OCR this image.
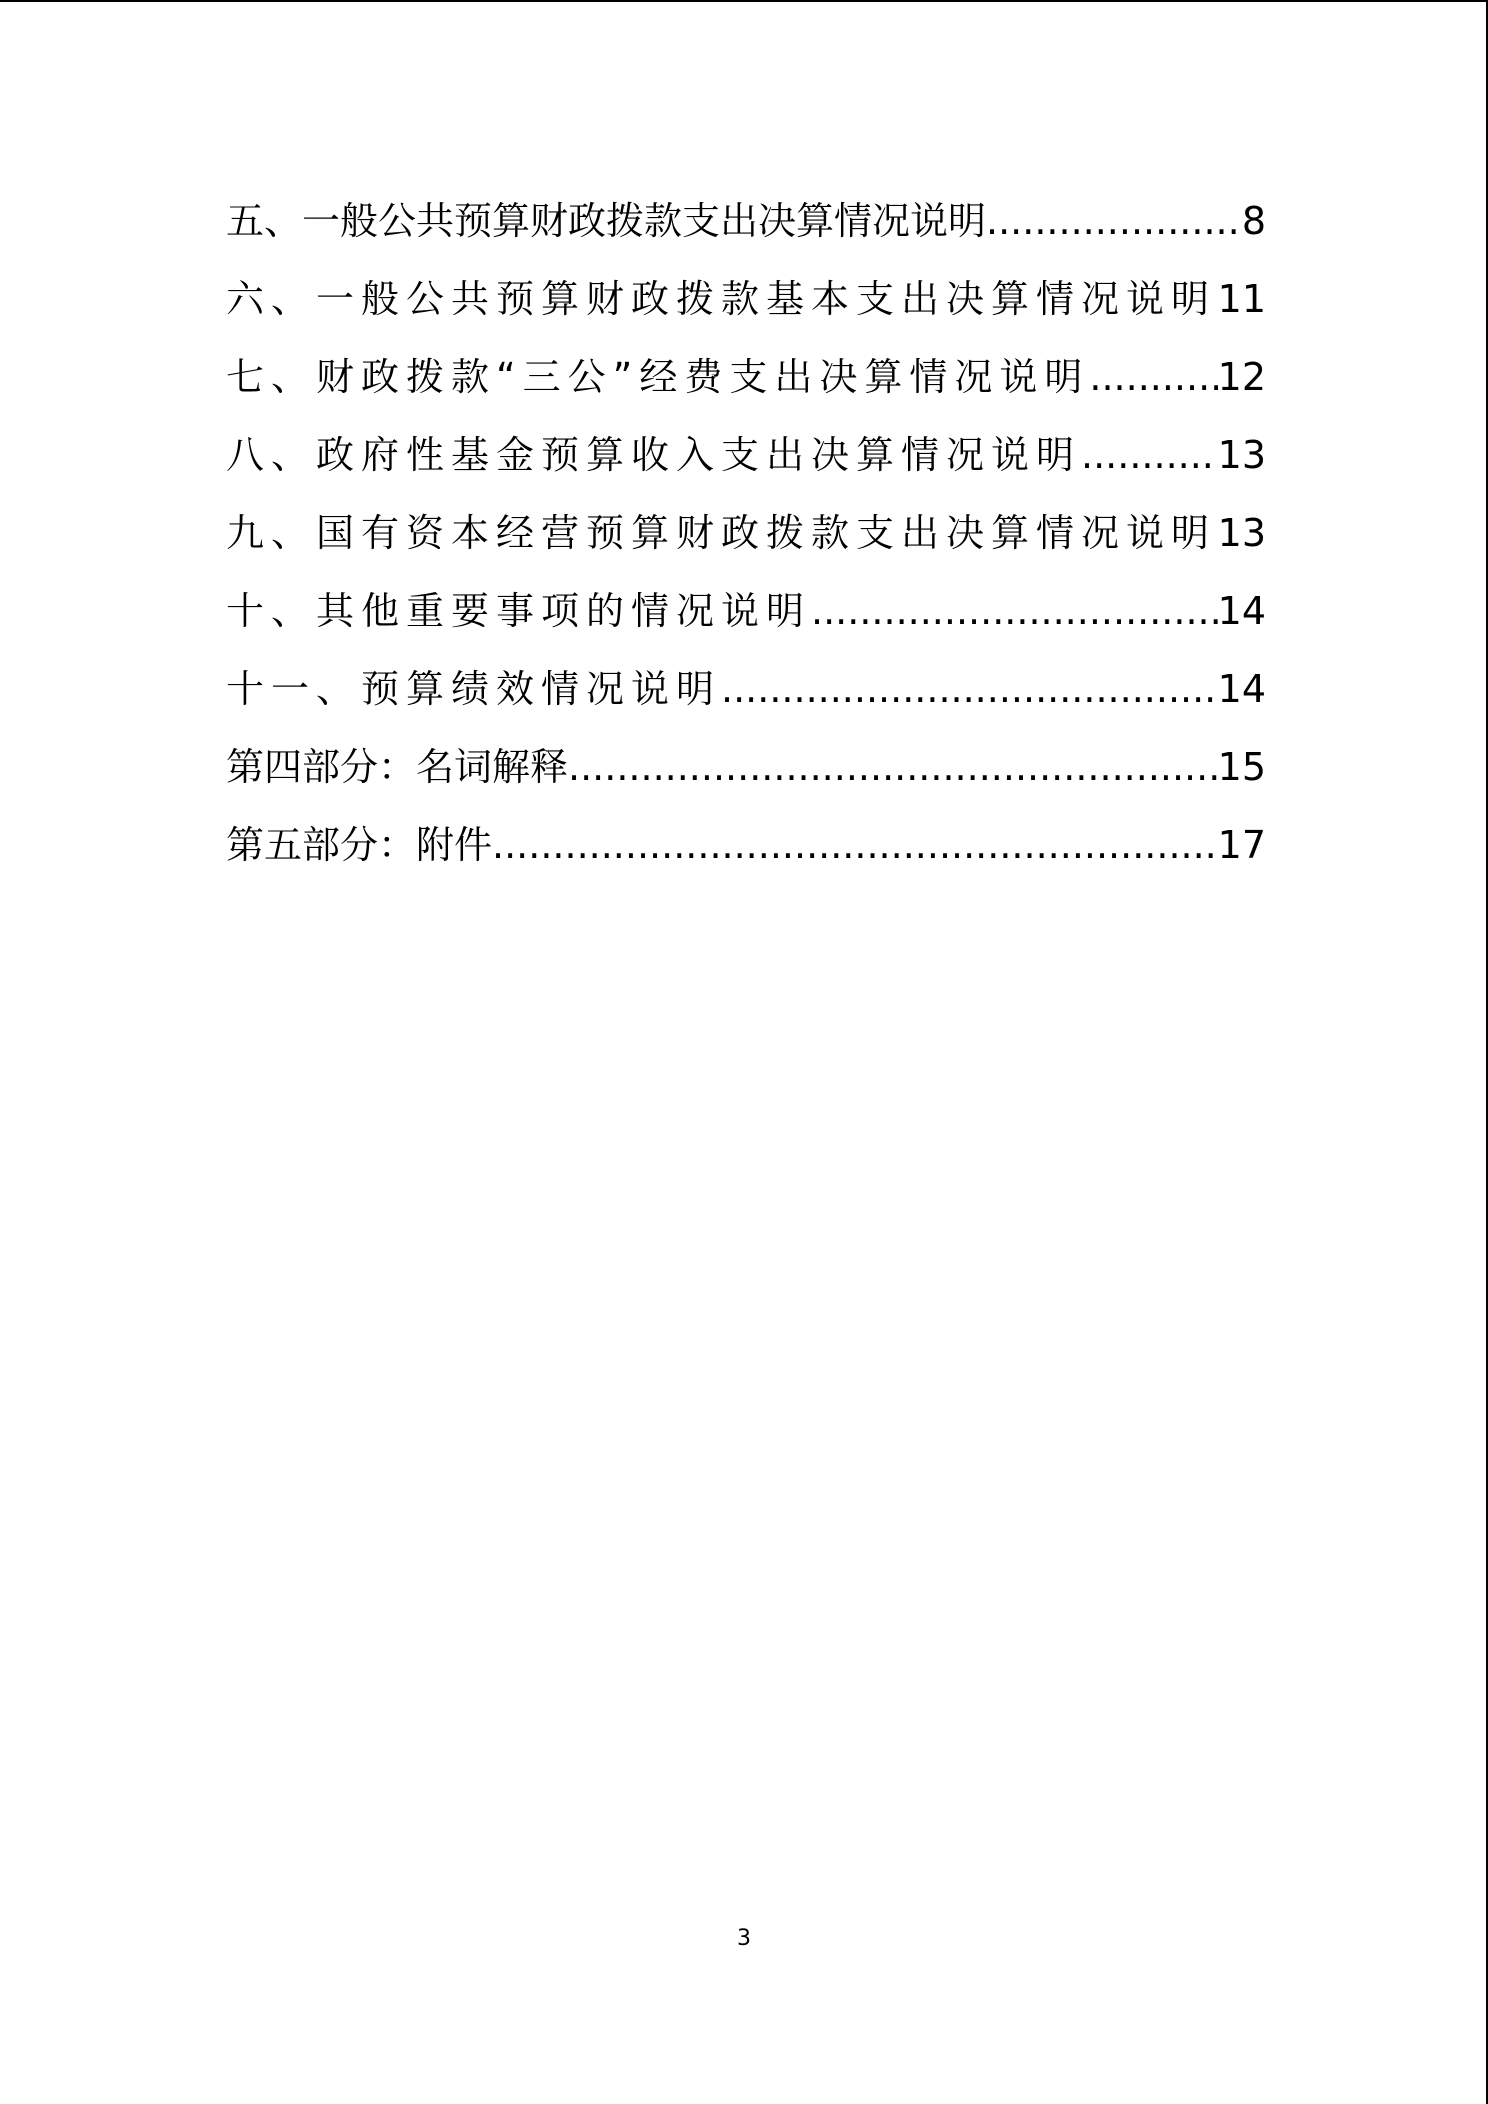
五、一般公共预算财政拨款支出决算情况说明 .....	8
六、一般公共预算财政拨款基本支出决算情况说明 ..... 11
七、财政拨款“三公”经费支出决算情况说明 .....	12
八、政府性基金预算收入支出决算情况说明 .....	13
九、国有资本经营预算财政拨款支出决算情况说明 ..... 13
十、其他重要事项的情况说明 .....	14
十一、预算绩效情况说明 .....	14
第四部分：名词解释 .....	15
第五部分：附件 .....	17
3
